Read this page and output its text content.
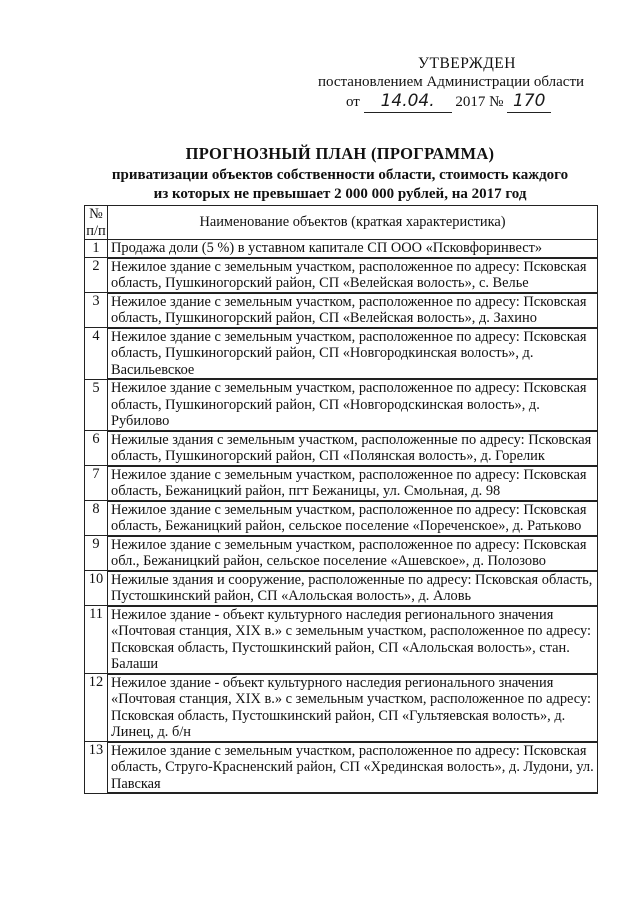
УТВЕРЖДЕН
постановлением Администрации области
от 14.04. 2017 № 170
ПРОГНОЗНЫЙ ПЛАН (ПРОГРАММА)
приватизации объектов собственности области, стоимость каждого
из которых не превышает 2 000 000 рублей, на 2017 год
№ п/п	Наименование объектов (краткая характеристика)
1	Продажа доли (5 %) в уставном капитале СП ООО «Псковфоринвест»
2	Нежилое здание с земельным участком, расположенное по адресу: Псковская область, Пушкиногорский район, СП «Велейская волость», с. Велье
3	Нежилое здание с земельным участком, расположенное по адресу: Псковская область, Пушкиногорский район, СП «Велейская волость», д. Захино
4	Нежилое здание с земельным участком, расположенное по адресу: Псковская область, Пушкиногорский район, СП «Новгородкинская волость», д. Васильевское
5	Нежилое здание с земельным участком, расположенное по адресу: Псковская область, Пушкиногорский район, СП «Новгородскинская волость», д. Рубилово
6	Нежилые здания с земельным участком, расположенные по адресу: Псковская область, Пушкиногорский район, СП «Полянская волость», д. Горелик
7	Нежилое здание с земельным участком, расположенное по адресу: Псковская область, Бежаницкий район, пгт Бежаницы, ул. Смольная, д. 98
8	Нежилое здание с земельным участком, расположенное по адресу: Псковская область, Бежаницкий район, сельское поселение «Пореченское», д. Ратьково
9	Нежилое здание с земельным участком, расположенное по адресу: Псковская обл., Бежаницкий район, сельское поселение «Ашевское», д. Полозово
10	Нежилые здания и сооружение, расположенные по адресу: Псковская область, Пустошкинский район, СП «Алольская волость», д. Аловь
11	Нежилое здание - объект культурного наследия регионального значения «Почтовая станция, XIX в.» с земельным участком, расположенное по адресу: Псковская область, Пустошкинский район, СП «Алольская волость», стан. Балаши
12	Нежилое здание - объект культурного наследия регионального значения «Почтовая станция, XIX в.» с земельным участком, расположенное по адресу: Псковская область, Пустошкинский район, СП «Гультяевская волость», д. Линец, д. б/н
13	Нежилое здание с земельным участком, расположенное по адресу: Псковская область, Струго-Красненский район, СП «Хрединская волость», д. Лудони, ул. Павская
